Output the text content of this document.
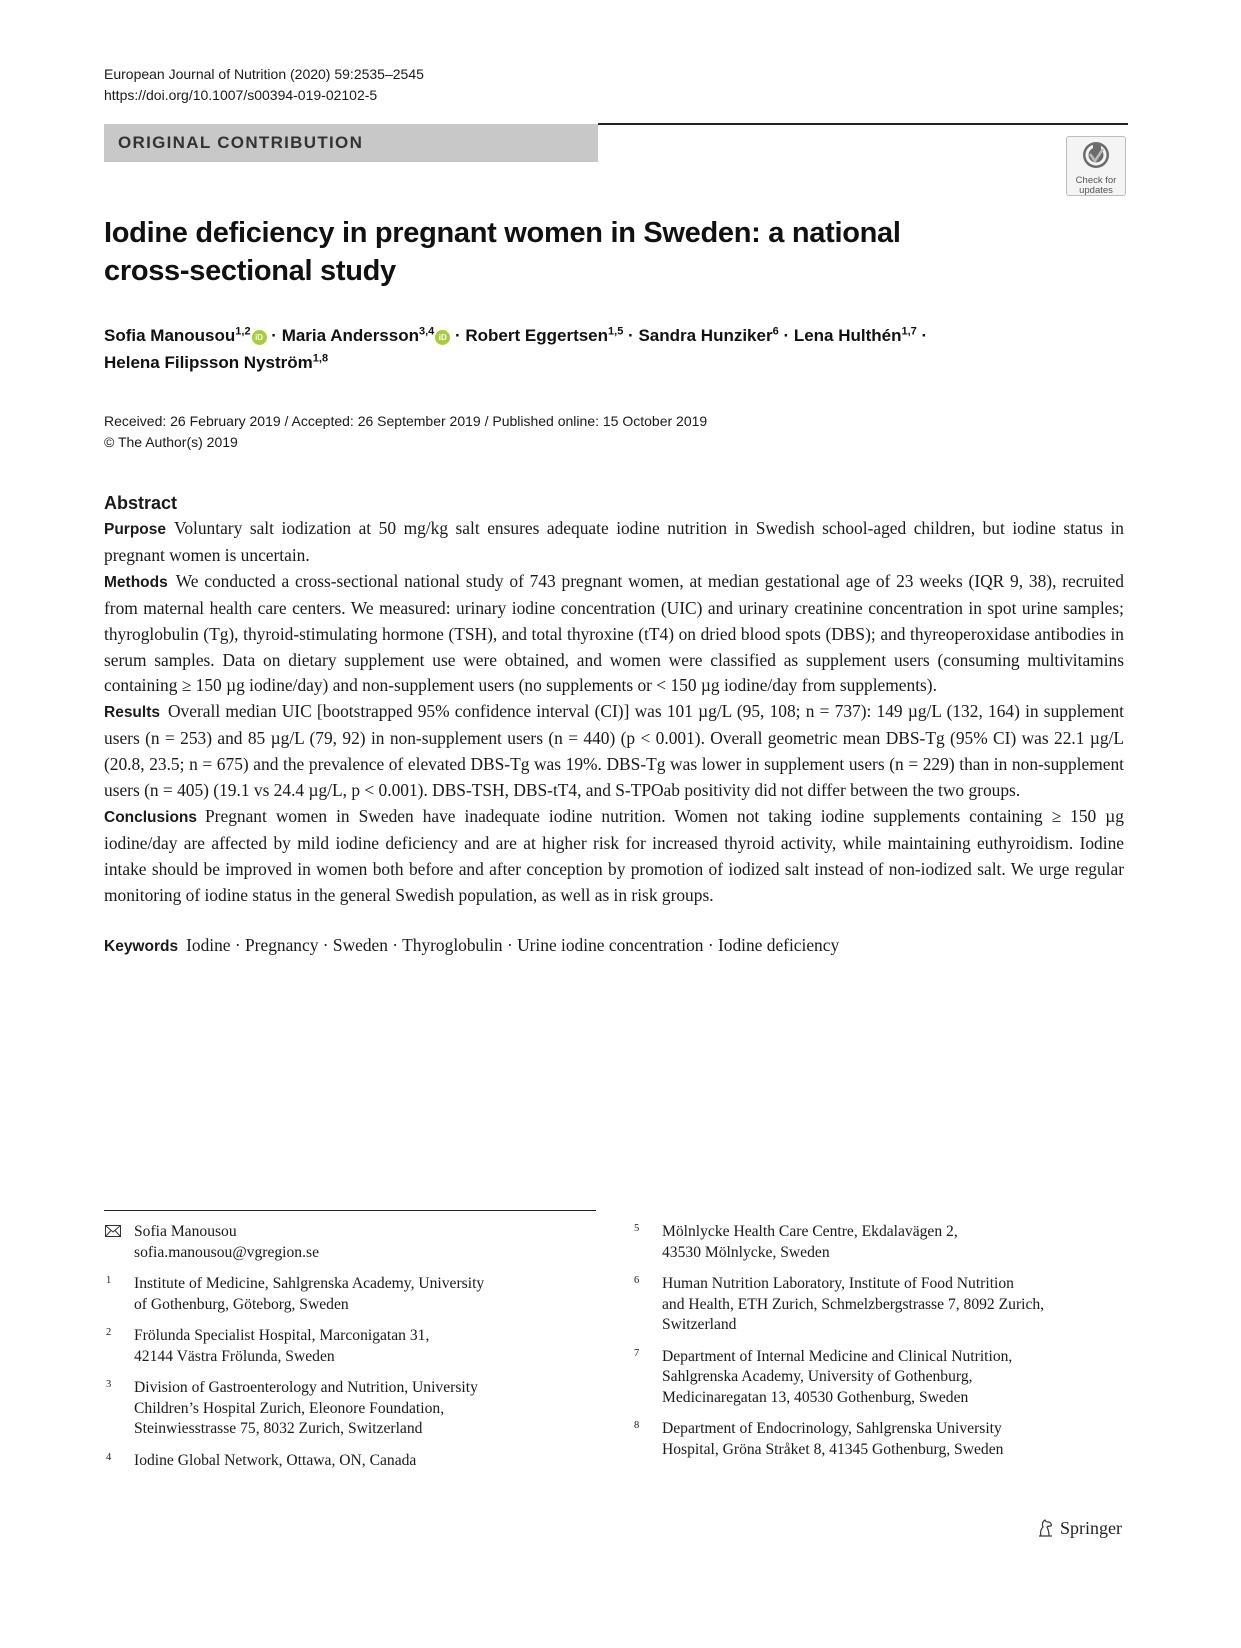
European Journal of Nutrition (2020) 59:2535–2545
https://doi.org/10.1007/s00394-019-02102-5
ORIGINAL CONTRIBUTION
Check for
updates
Iodine deficiency in pregnant women in Sweden: a national
cross-sectional study
Sofia Manousou$^{1,2}$iD · Maria Andersson$^{3,4}$iD · Robert Eggertsen$^{1,5}$ · Sandra Hunziker$^6$ · Lena Hulthén$^{1,7}$ ·
Helena Filipsson Nyström$^{1,8}$
Received: 26 February 2019 / Accepted: 26 September 2019 / Published online: 15 October 2019
© The Author(s) 2019
Abstract

Purpose Voluntary salt iodization at 50 mg/kg salt ensures adequate iodine nutrition in Swedish school-aged children, but iodine status in pregnant women is uncertain.

Methods We conducted a cross-sectional national study of 743 pregnant women, at median gestational age of 23 weeks (IQR 9, 38), recruited from maternal health care centers. We measured: urinary iodine concentration (UIC) and urinary creatinine concentration in spot urine samples; thyroglobulin (Tg), thyroid-stimulating hormone (TSH), and total thyroxine (tT4) on dried blood spots (DBS); and thyreoperoxidase antibodies in serum samples. Data on dietary supplement use were obtained, and women were classified as supplement users (consuming multivitamins containing ≥ 150 µg iodine/day) and non-supplement users (no supplements or < 150 µg iodine/day from supplements).

Results Overall median UIC [bootstrapped 95% confidence interval (CI)] was 101 µg/L (95, 108; n = 737): 149 µg/L (132, 164) in supplement users (n = 253) and 85 µg/L (79, 92) in non-supplement users (n = 440) (p < 0.001). Overall geometric mean DBS-Tg (95% CI) was 22.1 µg/L (20.8, 23.5; n = 675) and the prevalence of elevated DBS-Tg was 19%. DBS-Tg was lower in supplement users (n = 229) than in non-supplement users (n = 405) (19.1 vs 24.4 µg/L, p < 0.001). DBS-TSH, DBS-tT4, and S-TPOab positivity did not differ between the two groups.

Conclusions Pregnant women in Sweden have inadequate iodine nutrition. Women not taking iodine supplements containing ≥ 150 µg iodine/day are affected by mild iodine deficiency and are at higher risk for increased thyroid activity, while maintaining euthyroidism. Iodine intake should be improved in women both before and after conception by promotion of iodized salt instead of non-iodized salt. We urge regular monitoring of iodine status in the general Swedish population, as well as in risk groups.

Keywords Iodine · Pregnancy · Sweden · Thyroglobulin · Urine iodine concentration · Iodine deficiency
Sofia Manousou
sofia.manousou@vgregion.se
1 Institute of Medicine, Sahlgrenska Academy, University
of Gothenburg, Göteborg, Sweden
2 Frölunda Specialist Hospital, Marconigatan 31,
42144 Västra Frölunda, Sweden
3 Division of Gastroenterology and Nutrition, University
Children’s Hospital Zurich, Eleonore Foundation,
Steinwiesstrasse 75, 8032 Zurich, Switzerland
4 Iodine Global Network, Ottawa, ON, Canada
5 Mölnlycke Health Care Centre, Ekdalavägen 2,
43530 Mölnlycke, Sweden
6 Human Nutrition Laboratory, Institute of Food Nutrition
and Health, ETH Zurich, Schmelzbergstrasse 7, 8092 Zurich,
Switzerland
7 Department of Internal Medicine and Clinical Nutrition,
Sahlgrenska Academy, University of Gothenburg,
Medicinaregatan 13, 40530 Gothenburg, Sweden
8 Department of Endocrinology, Sahlgrenska University
Hospital, Gröna Stråket 8, 41345 Gothenburg, Sweden
Springer
